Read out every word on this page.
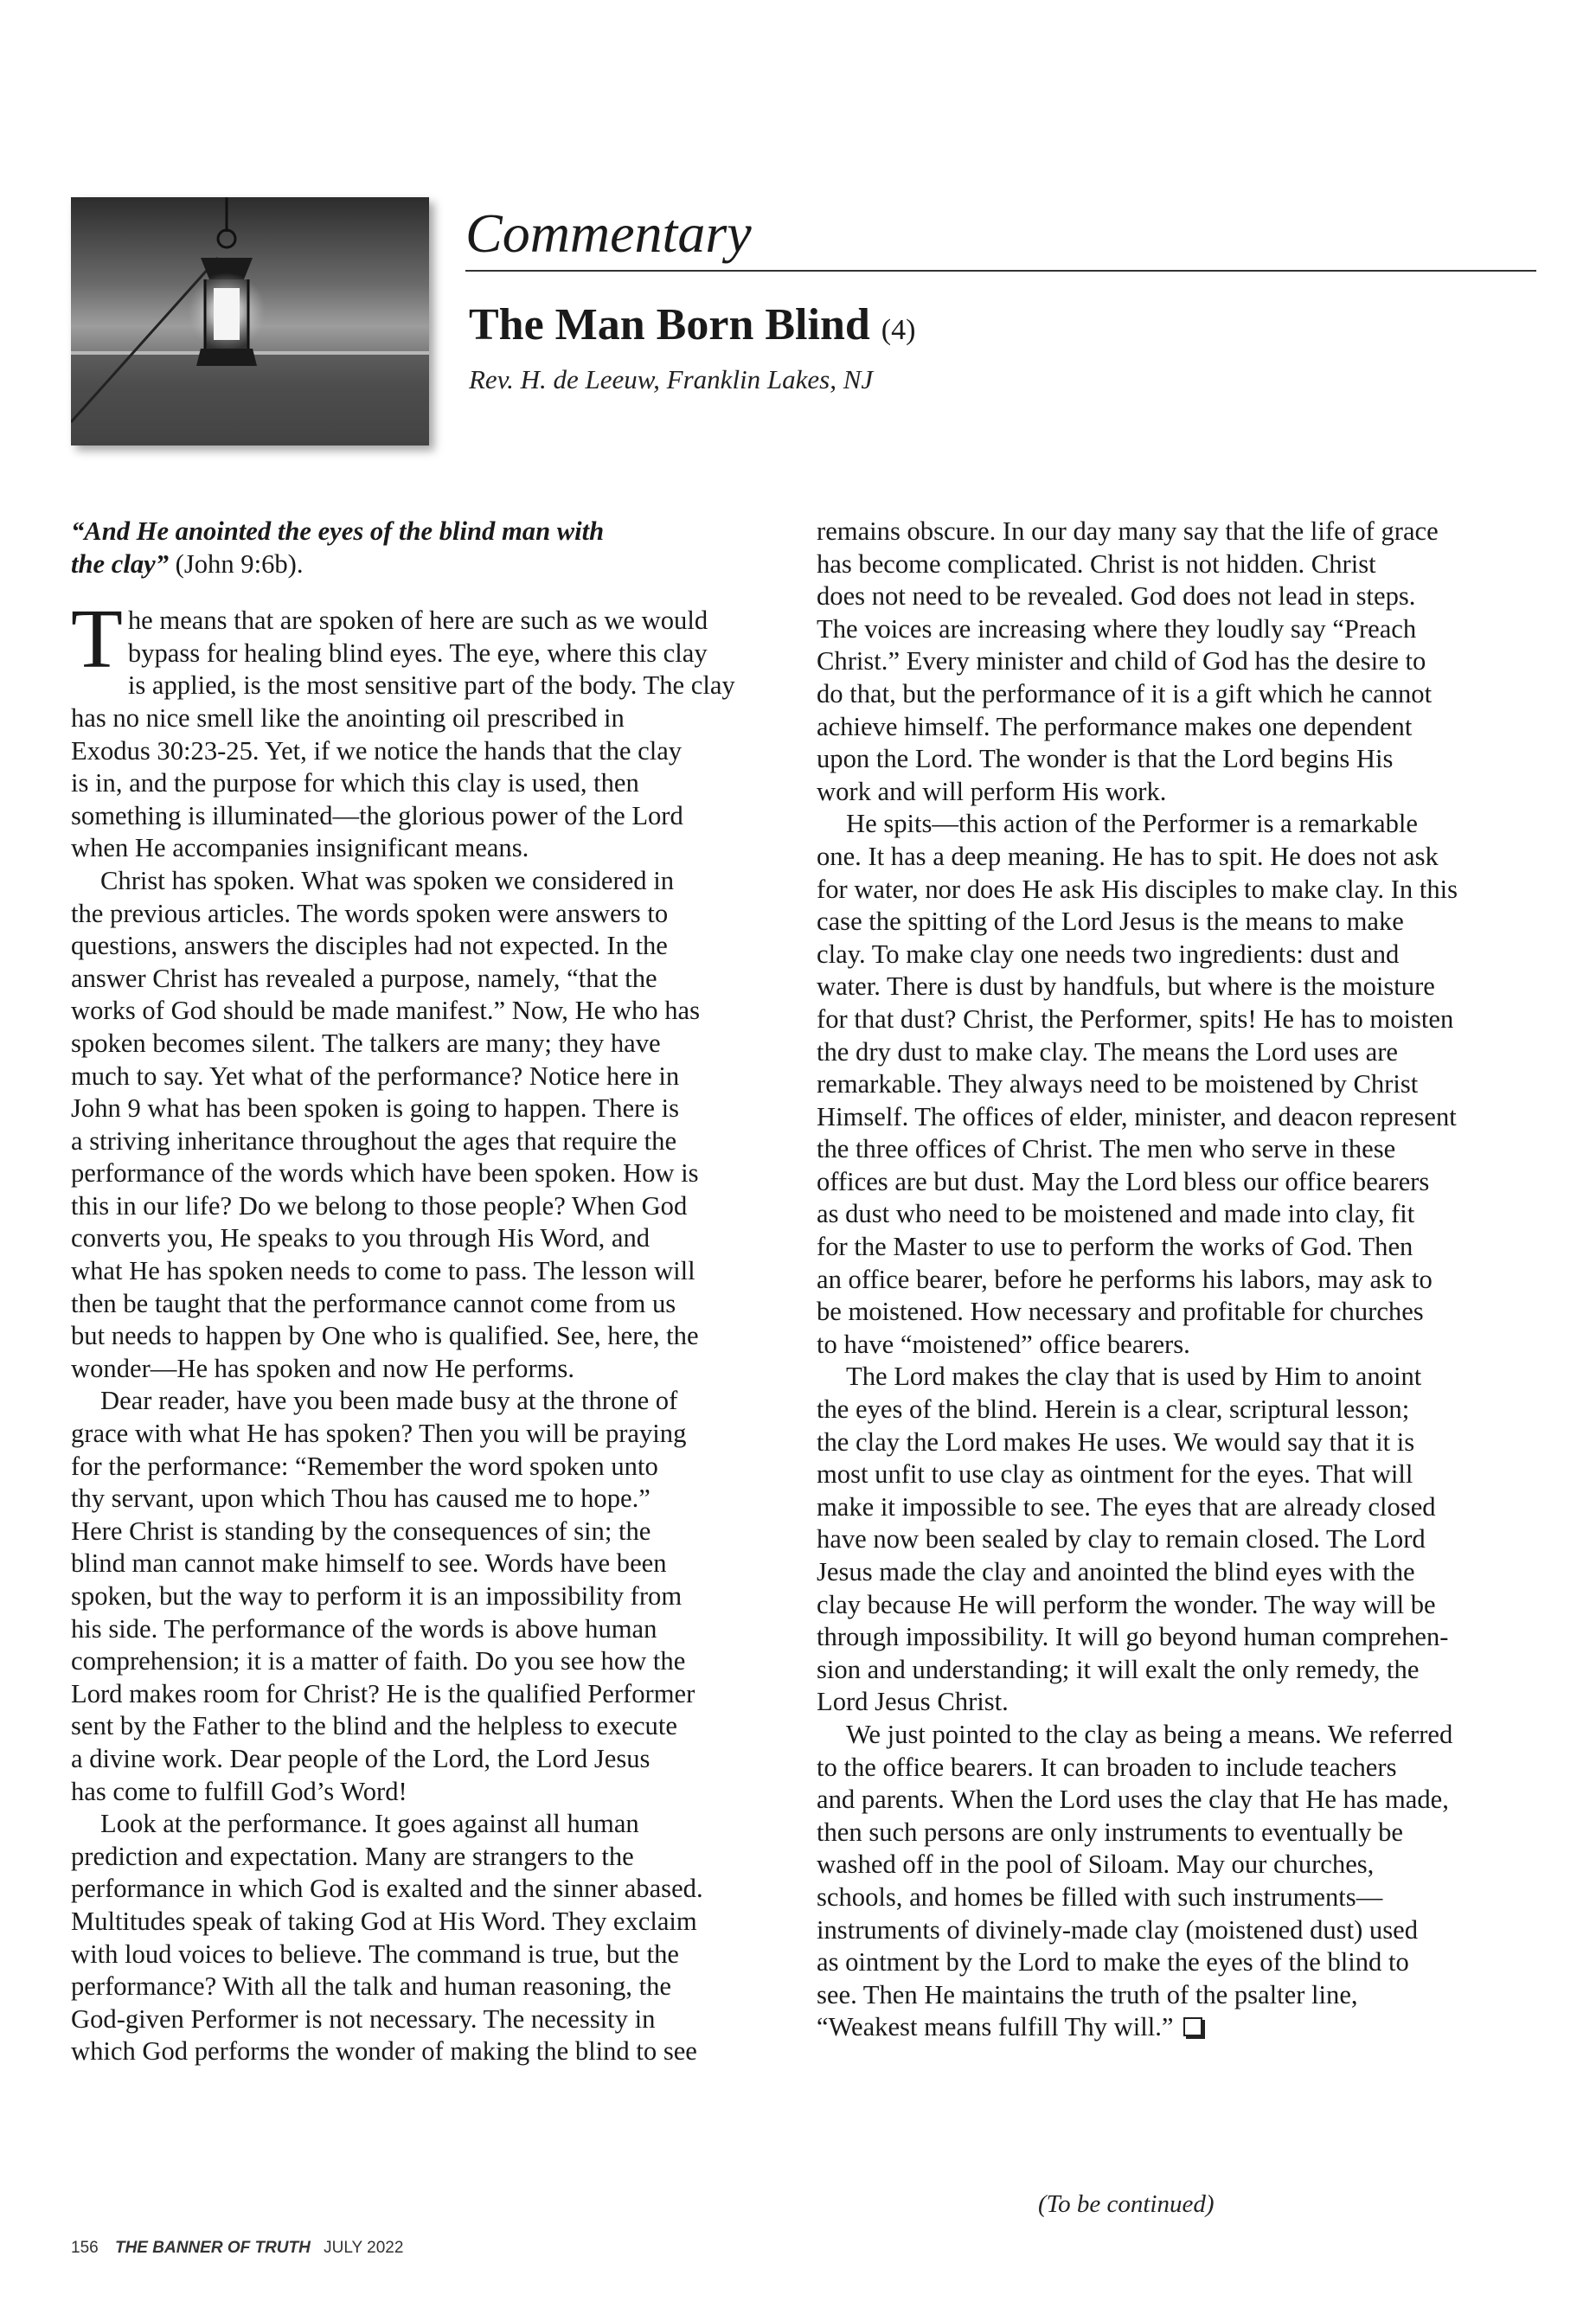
Commentary
The Man Born Blind (4)
Rev. H. de Leeuw, Franklin Lakes, NJ
“And He anointed the eyes of the blind man with
the clay” (John 9:6b).
T he means that are spoken of here are such as we would
bypass for healing blind eyes. The eye, where this clay
is applied, is the most sensitive part of the body. The clay
has no nice smell like the anointing oil prescribed in
Exodus 30:23-25. Yet, if we notice the hands that the clay
is in, and the purpose for which this clay is used, then
something is illuminated—the glorious power of the Lord
when He accompanies insignificant means.
Christ has spoken. What was spoken we considered in
the previous articles. The words spoken were answers to
questions, answers the disciples had not expected. In the
answer Christ has revealed a purpose, namely, “that the
works of God should be made manifest.” Now, He who has
spoken becomes silent. The talkers are many; they have
much to say. Yet what of the performance? Notice here in
John 9 what has been spoken is going to happen. There is
a striving inheritance throughout the ages that require the
performance of the words which have been spoken. How is
this in our life? Do we belong to those people? When God
converts you, He speaks to you through His Word, and
what He has spoken needs to come to pass. The lesson will
then be taught that the performance cannot come from us
but needs to happen by One who is qualified. See, here, the
wonder—He has spoken and now He performs.
Dear reader, have you been made busy at the throne of
grace with what He has spoken? Then you will be praying
for the performance: “Remember the word spoken unto
thy servant, upon which Thou has caused me to hope.”
Here Christ is standing by the consequences of sin; the
blind man cannot make himself to see. Words have been
spoken, but the way to perform it is an impossibility from
his side. The performance of the words is above human
comprehension; it is a matter of faith. Do you see how the
Lord makes room for Christ? He is the qualified Performer
sent by the Father to the blind and the helpless to execute
a divine work. Dear people of the Lord, the Lord Jesus
has come to fulfill God’s Word!
Look at the performance. It goes against all human
prediction and expectation. Many are strangers to the
performance in which God is exalted and the sinner abased.
Multitudes speak of taking God at His Word. They exclaim
with loud voices to believe. The command is true, but the
performance? With all the talk and human reasoning, the
God-given Performer is not necessary. The necessity in
which God performs the wonder of making the blind to see
remains obscure. In our day many say that the life of grace
has become complicated. Christ is not hidden. Christ
does not need to be revealed. God does not lead in steps.
The voices are increasing where they loudly say “Preach
Christ.” Every minister and child of God has the desire to
do that, but the performance of it is a gift which he cannot
achieve himself. The performance makes one dependent
upon the Lord. The wonder is that the Lord begins His
work and will perform His work.
He spits—this action of the Performer is a remarkable
one. It has a deep meaning. He has to spit. He does not ask
for water, nor does He ask His disciples to make clay. In this
case the spitting of the Lord Jesus is the means to make
clay. To make clay one needs two ingredients: dust and
water. There is dust by handfuls, but where is the moisture
for that dust? Christ, the Performer, spits! He has to moisten
the dry dust to make clay. The means the Lord uses are
remarkable. They always need to be moistened by Christ
Himself. The offices of elder, minister, and deacon represent
the three offices of Christ. The men who serve in these
offices are but dust. May the Lord bless our office bearers
as dust who need to be moistened and made into clay, fit
for the Master to use to perform the works of God. Then
an office bearer, before he performs his labors, may ask to
be moistened. How necessary and profitable for churches
to have “moistened” office bearers.
The Lord makes the clay that is used by Him to anoint
the eyes of the blind. Herein is a clear, scriptural lesson;
the clay the Lord makes He uses. We would say that it is
most unfit to use clay as ointment for the eyes. That will
make it impossible to see. The eyes that are already closed
have now been sealed by clay to remain closed. The Lord
Jesus made the clay and anointed the blind eyes with the
clay because He will perform the wonder. The way will be
through impossibility. It will go beyond human comprehen-
sion and understanding; it will exalt the only remedy, the
Lord Jesus Christ.
We just pointed to the clay as being a means. We referred
to the office bearers. It can broaden to include teachers
and parents. When the Lord uses the clay that He has made,
then such persons are only instruments to eventually be
washed off in the pool of Siloam. May our churches,
schools, and homes be filled with such instruments—
instruments of divinely-made clay (moistened dust) used
as ointment by the Lord to make the eyes of the blind to
see. Then He maintains the truth of the psalter line,
“Weakest means fulfill Thy will.”
(To be continued)
156 THE BANNER OF TRUTH JULY 2022
